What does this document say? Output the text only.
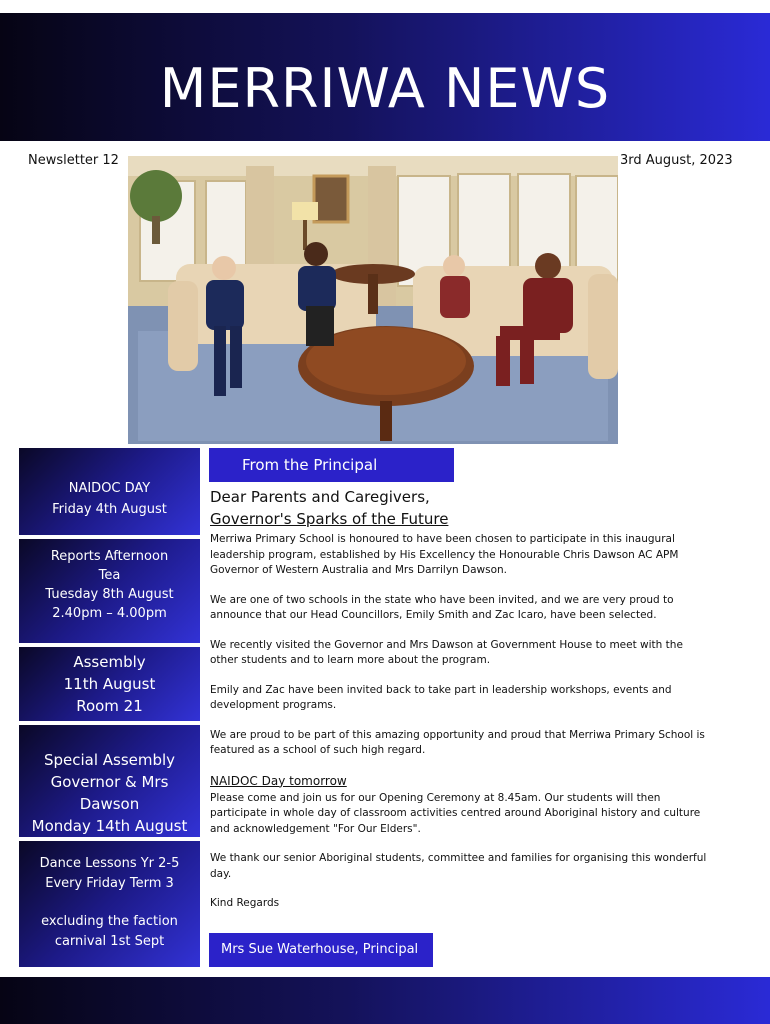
MERRIWA NEWS
Newsletter 12	3rd August, 2023
NAIDOC DAY
Friday 4th August
Reports Afternoon
Tea
Tuesday 8th August
2.40pm – 4.00pm
Assembly
11th August
Room 21
Special Assembly
Governor & Mrs Dawson
Monday 14th August
Dance Lessons Yr 2-5
Every Friday Term 3
excluding the faction
carnival 1st Sept
From the Principal

Dear Parents and Caregivers,

Governor's Sparks of the Future

Merriwa Primary School is honoured to have been chosen to participate in this inaugural leadership program, established by His Excellency the Honourable Chris Dawson AC APM Governor of Western Australia and Mrs Darrilyn Dawson.

We are one of two schools in the state who have been invited, and we are very proud to announce that our Head Councillors, Emily Smith and Zac Icaro, have been selected.

We recently visited the Governor and Mrs Dawson at Government House to meet with the other students and to learn more about the program.

Emily and Zac have been invited back to take part in leadership workshops, events and development programs.

We are proud to be part of this amazing opportunity and proud that Merriwa Primary School is featured as a school of such high regard.

NAIDOC Day tomorrow

Please come and join us for our Opening Ceremony at 8.45am. Our students will then participate in whole day of classroom activities centred around Aboriginal history and culture and acknowledgement "For Our Elders".

We thank our senior Aboriginal students, committee and families for organising this wonderful day.

Kind Regards

Mrs Sue Waterhouse, Principal
